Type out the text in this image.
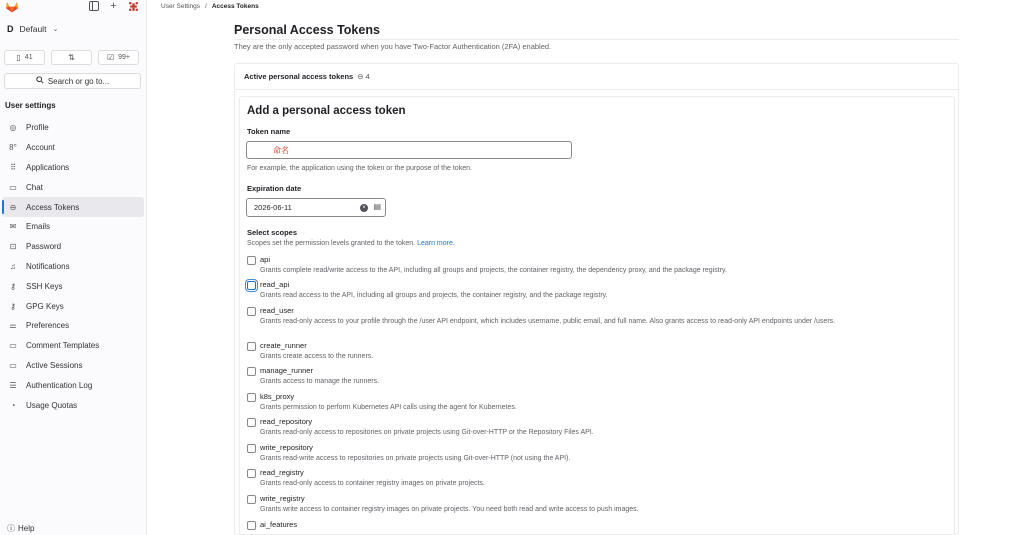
+
D Default ⌄
▯ 41	⇅	☑ 99+
Search or go to...
User settings
◎ Profile
8° Account
⠿ Applications
▭ Chat
⊖ Access Tokens
✉ Emails
⊡ Password
♫ Notifications
⚷ SSH Keys
⚷ GPG Keys
⚌ Preferences
▭ Comment Templates
▭ Active Sessions
☰ Authentication Log
◔	Usage Quotas
ⓘ Help
User Settings / Access Tokens
Personal Access Tokens

They are the only accepted password when you have Two-Factor Authentication (2FA) enabled.

Active personal access tokens ⊖ 4
Add a personal access token
Token name
命名

For example, the application using the token or the purpose of the token.

Expiration date
2026-06-11	× ▤
Select scopes

Scopes set the permission levels granted to the token. Learn more.

api
Grants complete read/write access to the API, including all groups and projects, the container registry, the dependency proxy, and the package registry.
read_api
Grants read access to the API, including all groups and projects, the container registry, and the package registry.
read_user
Grants read-only access to your profile through the /user API endpoint, which includes username, public email, and full name. Also grants access to read-only API endpoints under /users.
create_runner
Grants create access to the runners.
manage_runner
Grants access to manage the runners.
k8s_proxy
Grants permission to perform Kubernetes API calls using the agent for Kubernetes.
read_repository
Grants read-only access to repositories on private projects using Git-over-HTTP or the Repository Files API.
write_repository
Grants read-write access to repositories on private projects using Git-over-HTTP (not using the API).
read_registry
Grants read-only access to container registry images on private projects.
write_registry
Grants write access to container registry images on private projects. You need both read and write access to push images.
ai_features
